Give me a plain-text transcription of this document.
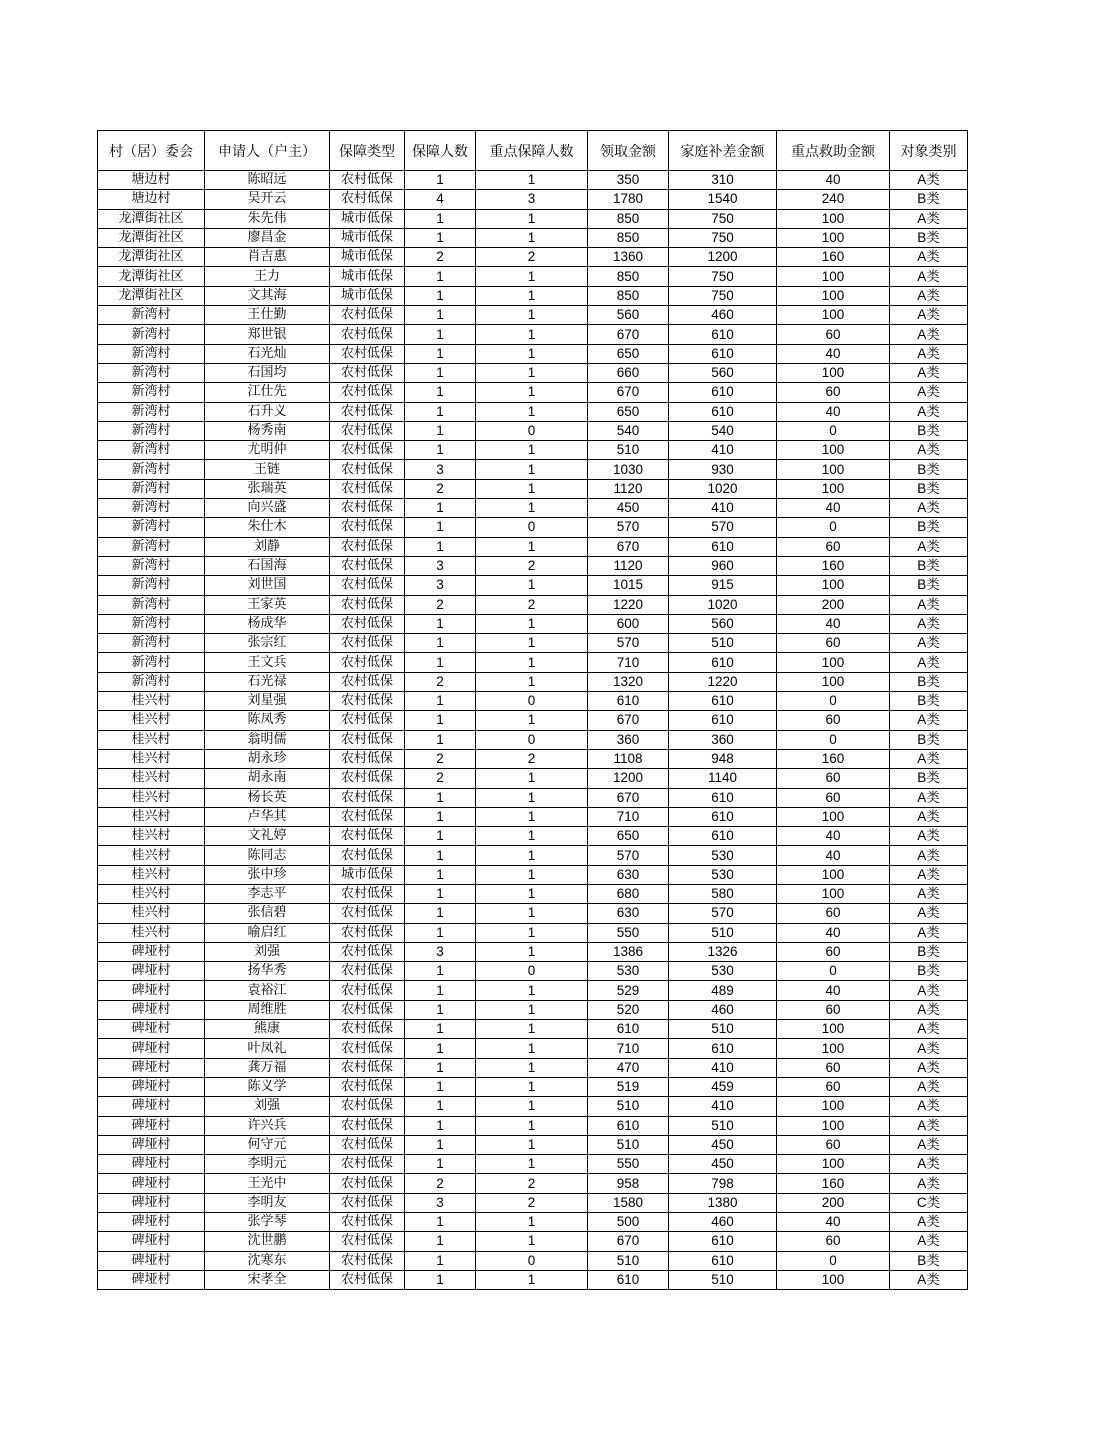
村（居）委会	申请人（户主）	保障类型	保障人数	重点保障人数	领取金额	家庭补差金额	重点救助金额	对象类别
塘边村	陈昭远	农村低保	1	1	350	310	40	A类
塘边村	吴开云	农村低保	4	3	1780	1540	240	B类
龙潭街社区	朱先伟	城市低保	1	1	850	750	100	A类
龙潭街社区	廖昌金	城市低保	1	1	850	750	100	B类
龙潭街社区	肖吉惠	城市低保	2	2	1360	1200	160	A类
龙潭街社区	王力	城市低保	1	1	850	750	100	A类
龙潭街社区	文其海	城市低保	1	1	850	750	100	A类
新湾村	王仕勤	农村低保	1	1	560	460	100	A类
新湾村	郑世银	农村低保	1	1	670	610	60	A类
新湾村	石光灿	农村低保	1	1	650	610	40	A类
新湾村	石国均	农村低保	1	1	660	560	100	A类
新湾村	江仕先	农村低保	1	1	670	610	60	A类
新湾村	石升义	农村低保	1	1	650	610	40	A类
新湾村	杨秀南	农村低保	1	0	540	540	0	B类
新湾村	尤明仲	农村低保	1	1	510	410	100	A类
新湾村	王链	农村低保	3	1	1030	930	100	B类
新湾村	张瑞英	农村低保	2	1	1120	1020	100	B类
新湾村	向兴盛	农村低保	1	1	450	410	40	A类
新湾村	朱仕木	农村低保	1	0	570	570	0	B类
新湾村	刘静	农村低保	1	1	670	610	60	A类
新湾村	石国海	农村低保	3	2	1120	960	160	B类
新湾村	刘世国	农村低保	3	1	1015	915	100	B类
新湾村	王家英	农村低保	2	2	1220	1020	200	A类
新湾村	杨成华	农村低保	1	1	600	560	40	A类
新湾村	张宗红	农村低保	1	1	570	510	60	A类
新湾村	王文兵	农村低保	1	1	710	610	100	A类
新湾村	石光禄	农村低保	2	1	1320	1220	100	B类
桂兴村	刘星强	农村低保	1	0	610	610	0	B类
桂兴村	陈凤秀	农村低保	1	1	670	610	60	A类
桂兴村	翁明儒	农村低保	1	0	360	360	0	B类
桂兴村	胡永珍	农村低保	2	2	1108	948	160	A类
桂兴村	胡永南	农村低保	2	1	1200	1140	60	B类
桂兴村	杨长英	农村低保	1	1	670	610	60	A类
桂兴村	卢华其	农村低保	1	1	710	610	100	A类
桂兴村	文礼婷	农村低保	1	1	650	610	40	A类
桂兴村	陈同志	农村低保	1	1	570	530	40	A类
桂兴村	张中珍	城市低保	1	1	630	530	100	A类
桂兴村	李志平	农村低保	1	1	680	580	100	A类
桂兴村	张信碧	农村低保	1	1	630	570	60	A类
桂兴村	喻启红	农村低保	1	1	550	510	40	A类
碑垭村	刘强	农村低保	3	1	1386	1326	60	B类
碑垭村	扬华秀	农村低保	1	0	530	530	0	B类
碑垭村	袁裕江	农村低保	1	1	529	489	40	A类
碑垭村	周维胜	农村低保	1	1	520	460	60	A类
碑垭村	熊康	农村低保	1	1	610	510	100	A类
碑垭村	叶凤礼	农村低保	1	1	710	610	100	A类
碑垭村	龚万福	农村低保	1	1	470	410	60	A类
碑垭村	陈义学	农村低保	1	1	519	459	60	A类
碑垭村	刘强	农村低保	1	1	510	410	100	A类
碑垭村	许兴兵	农村低保	1	1	610	510	100	A类
碑垭村	何守元	农村低保	1	1	510	450	60	A类
碑垭村	李明元	农村低保	1	1	550	450	100	A类
碑垭村	王光中	农村低保	2	2	958	798	160	A类
碑垭村	李明友	农村低保	3	2	1580	1380	200	C类
碑垭村	张学琴	农村低保	1	1	500	460	40	A类
碑垭村	沈世鹏	农村低保	1	1	670	610	60	A类
碑垭村	沈寒东	农村低保	1	0	510	610	0	B类
碑垭村	宋孝全	农村低保	1	1	610	510	100	A类
